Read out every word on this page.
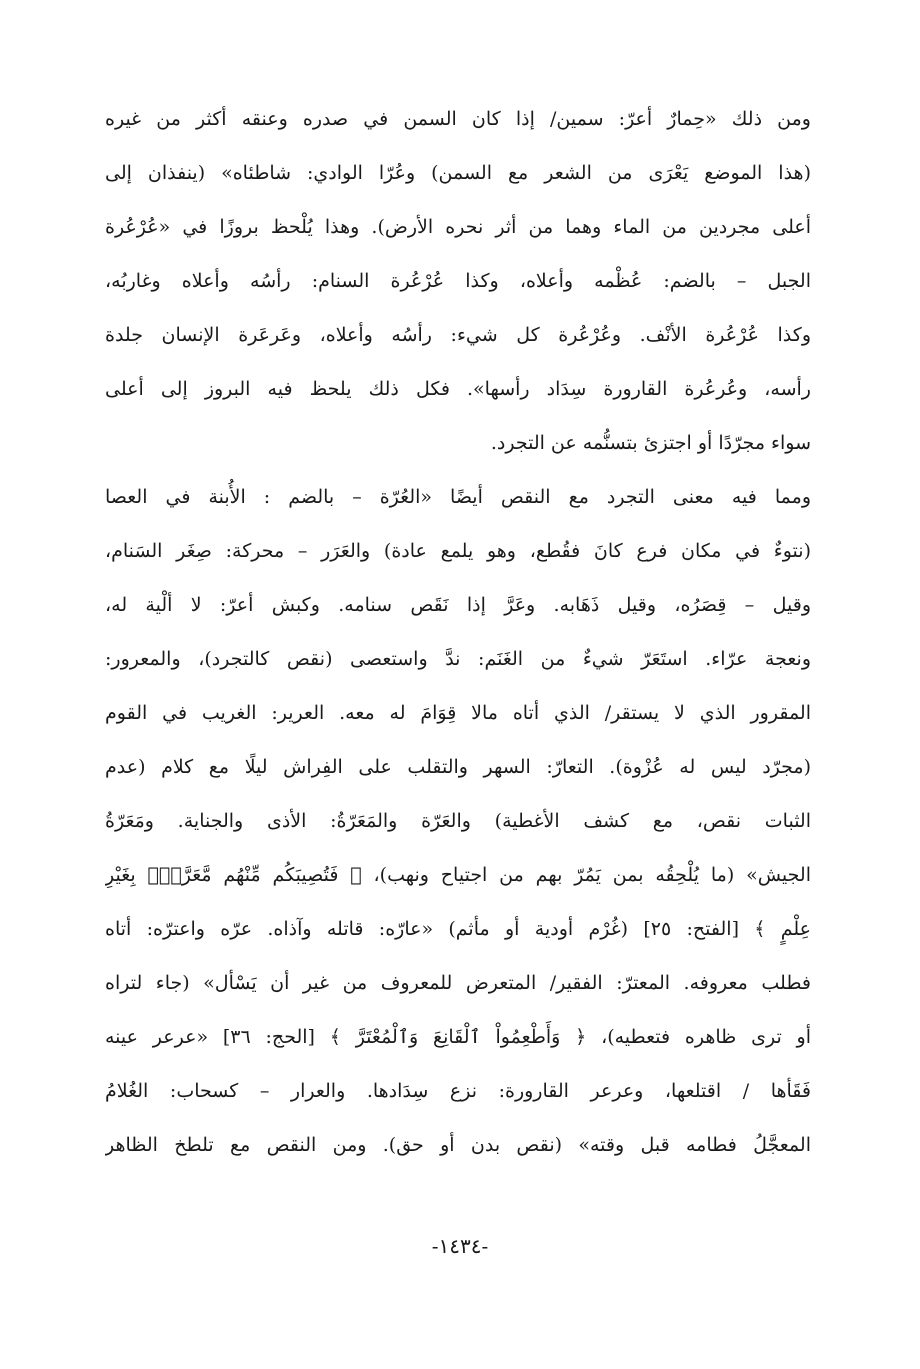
ومن ذلك «حِمارٌ أعرّ: سمين/ إذا كان السمن في صدره وعنقه أكثر من غيره
(هذا الموضع يَعْرَى من الشعر مع السمن) وعُرّا الوادي: شاطئاه» (ينفذان إلى
أعلى مجردين من الماء وهما من أثر نحره الأرض). وهذا يُلْحظ بروزًا في «عُرْعُرة
الجبل – بالضم: عُظْمه وأعلاه، وكذا عُرْعُرة السنام: رأسُه وأعلاه وغاربُه،
وكذا عُرْعُرة الأنْف. وعُرْعُرة كل شيء: رأسُه وأعلاه، وعَرعَرة الإنسان جلدة
رأسه، وعُرعُرة القارورة سِدَاد رأسها». فكل ذلك يلحظ فيه البروز إلى أعلى
سواء مجرّدًا أو اجتزئ بتسنُّمه عن التجرد.
ومما فيه معنى التجرد مع النقص أيضًا «العُرّة – بالضم : الأُبنة في العصا
(نتوءٌ في مكان فرع كانَ فقُطع، وهو يلمع عادة) والعَرَر – محركة: صِغَر السَنام،
وقيل – قِصَرُه، وقيل ذَهَابه. وعَرَّ إذا نَقَص سنامه. وكبش أعرّ: لا ألْية له،
ونعجة عرّاء. استَعَرّ شيءٌ من الغَنَم: ندَّ واستعصى (نقص كالتجرد)، والمعرور:
المقرور الذي لا يستقر/ الذي أتاه مالا قِوَامَ له معه. العرير: الغريب في القوم
(مجرّد ليس له عُزْوة). التعارّ: السهر والتقلب على الفِراش ليلًا مع كلام (عدم
الثبات نقص، مع كشف الأغطية) والعَرّة والمَعَرّةُ: الأذى والجناية. ومَعَرّةُ
الجيش» (ما يُلْحِقُه بمن يَمُرّ بهم من اجتياح ونهب)، ﴿ فَتُصِيبَكُم مِّنْهُم مَّعَرَّةٌۢ بِغَيْرِ
عِلْمٍ ﴾ [الفتح: ٢٥] (غُرْم أودية أو مأثم) «عارّه: قاتله وآذاه. عرّه واعترّه: أتاه
فطلب معروفه. المعترّ: الفقير/ المتعرض للمعروف من غير أن يَسْأل» (جاء لتراه
أو ترى ظاهره فتعطيه)، ﴿ وَأَطْعِمُواْ ٱلْقَانِعَ وَٱلْمُعْتَرَّ ﴾ [الحج: ٣٦] «عرعر عينه
فَقَأها / اقتلعها، وعرعر القارورة: نزع سِدَادها. والعرار – كسحاب: الغُلامُ
المعجَّلُ فطامه قبل وقته» (نقص بدن أو حق). ومن النقص مع تلطخ الظاهر
-١٤٣٤-
